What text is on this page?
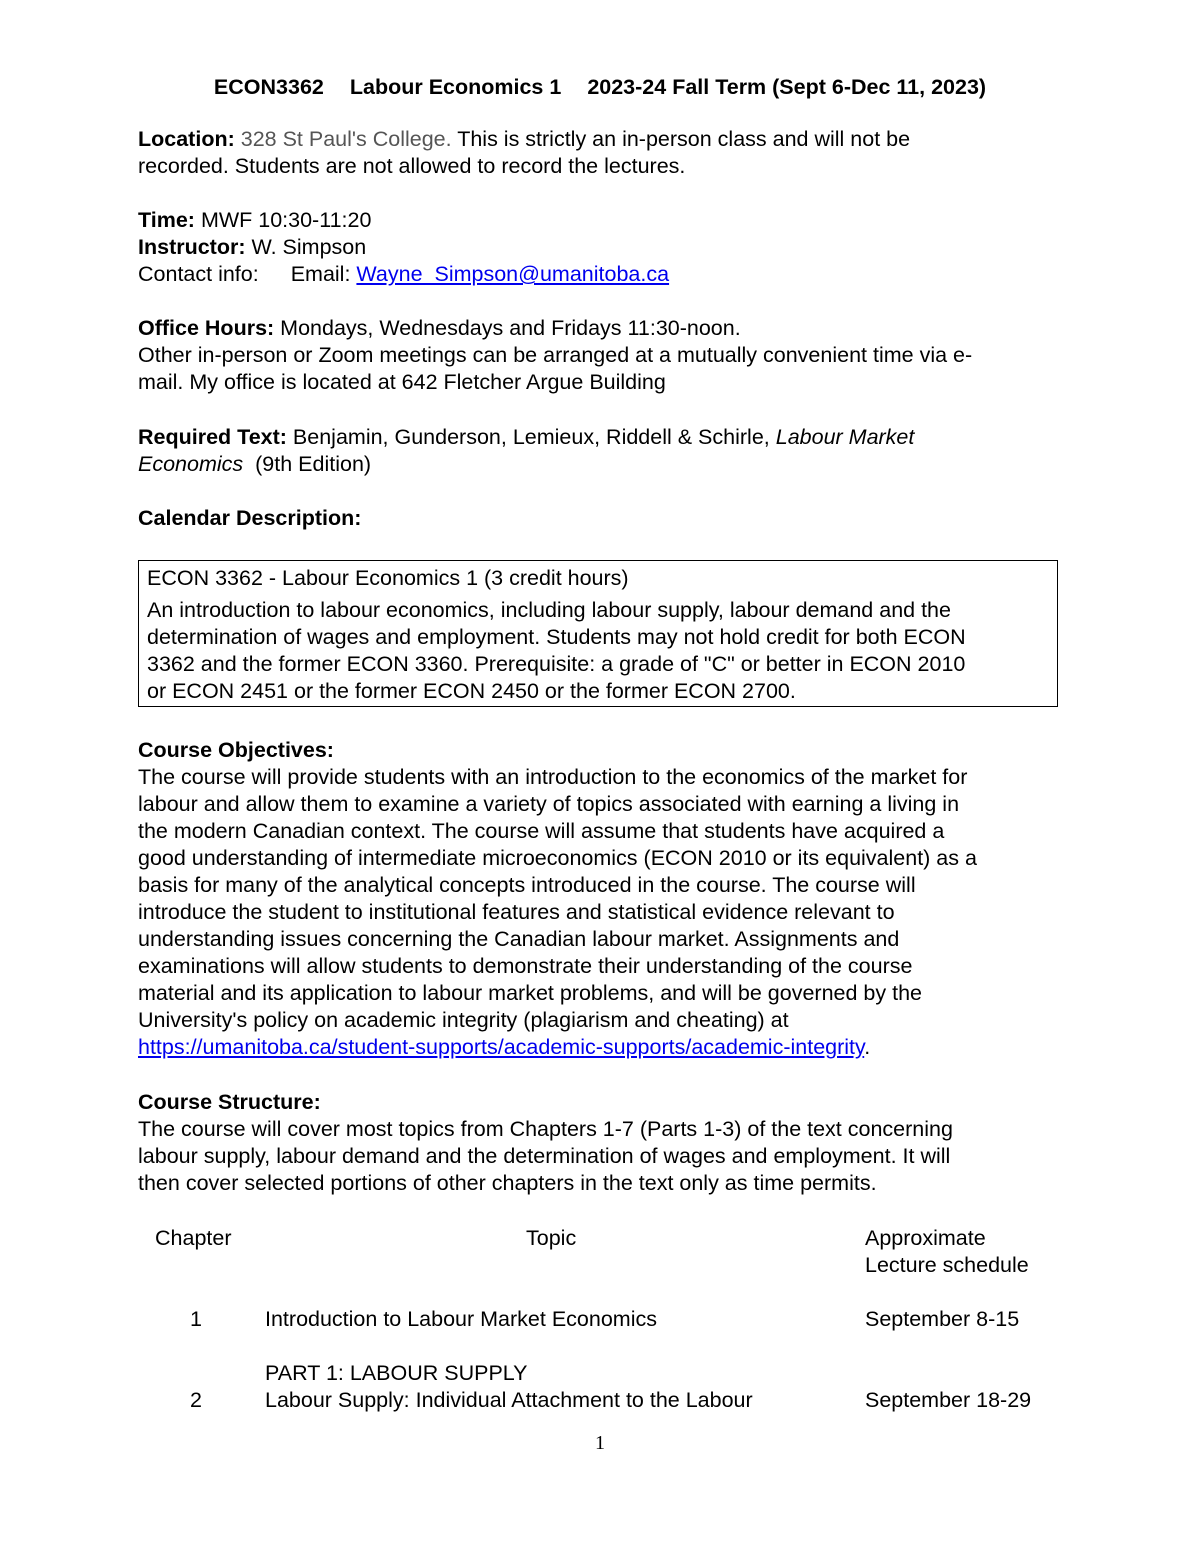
ECON3362 Labour Economics 1 2023-24 Fall Term (Sept 6-Dec 11, 2023)
Location: 328 St Paul's College. This is strictly an in-person class and will not be
recorded. Students are not allowed to record the lectures.
Time: MWF 10:30-11:20
Instructor: W. Simpson
Contact info: Email: Wayne_Simpson@umanitoba.ca
Office Hours: Mondays, Wednesdays and Fridays 11:30-noon.
Other in-person or Zoom meetings can be arranged at a mutually convenient time via e-
mail. My office is located at 642 Fletcher Argue Building
Required Text: Benjamin, Gunderson, Lemieux, Riddell & Schirle, Labour Market
Economics (9th Edition)
Calendar Description:
ECON 3362 - Labour Economics 1 (3 credit hours)
An introduction to labour economics, including labour supply, labour demand and the
determination of wages and employment. Students may not hold credit for both ECON
3362 and the former ECON 3360. Prerequisite: a grade of "C" or better in ECON 2010
or ECON 2451 or the former ECON 2450 or the former ECON 2700.
Course Objectives:
The course will provide students with an introduction to the economics of the market for
labour and allow them to examine a variety of topics associated with earning a living in
the modern Canadian context. The course will assume that students have acquired a
good understanding of intermediate microeconomics (ECON 2010 or its equivalent) as a
basis for many of the analytical concepts introduced in the course. The course will
introduce the student to institutional features and statistical evidence relevant to
understanding issues concerning the Canadian labour market. Assignments and
examinations will allow students to demonstrate their understanding of the course
material and its application to labour market problems, and will be governed by the
University's policy on academic integrity (plagiarism and cheating) at
https://umanitoba.ca/student-supports/academic-supports/academic-integrity.
Course Structure:
The course will cover most topics from Chapters 1-7 (Parts 1-3) of the text concerning
labour supply, labour demand and the determination of wages and employment. It will
then cover selected portions of other chapters in the text only as time permits.
Chapter	Topic	Approximate
Lecture schedule
1	Introduction to Labour Market Economics	September 8-15
PART 1: LABOUR SUPPLY
2	Labour Supply: Individual Attachment to the Labour	September 18-29
1
